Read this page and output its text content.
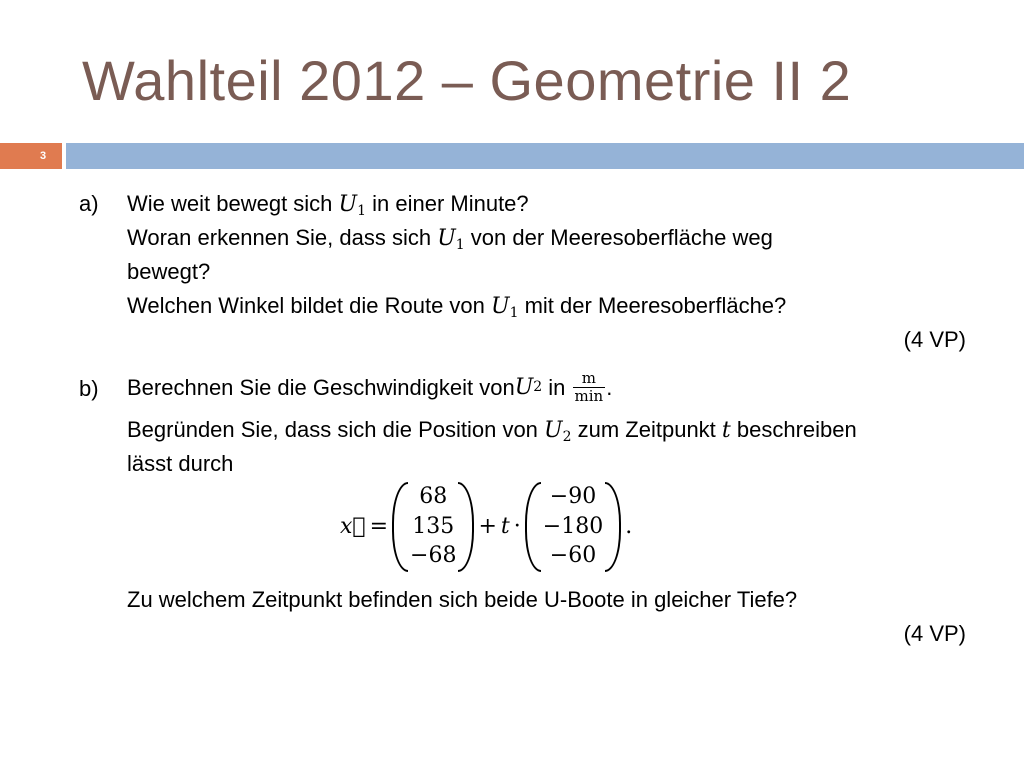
Wahlteil 2012 – Geometrie II 2
3
a) Wie weit bewegt sich $U_1$ in einer Minute?
Woran erkennen Sie, dass sich $U_1$ von der Meeresoberfläche weg
bewegt?
Welchen Winkel bildet die Route von $U_1$ mit der Meeresoberfläche?
(4 VP)
b) Berechnen Sie die Geschwindigkeit von U 2 in $\frac{m}{\min}$ .
Begründen Sie, dass sich die Position von $U_2$ zum Zeitpunkt t beschreiben
lässt durch
x⃗ =
68
135
−68
+ t ·
−90
−180
−60
.
Zu welchem Zeitpunkt befinden sich beide U-Boote in gleicher Tiefe?
(4 VP)
